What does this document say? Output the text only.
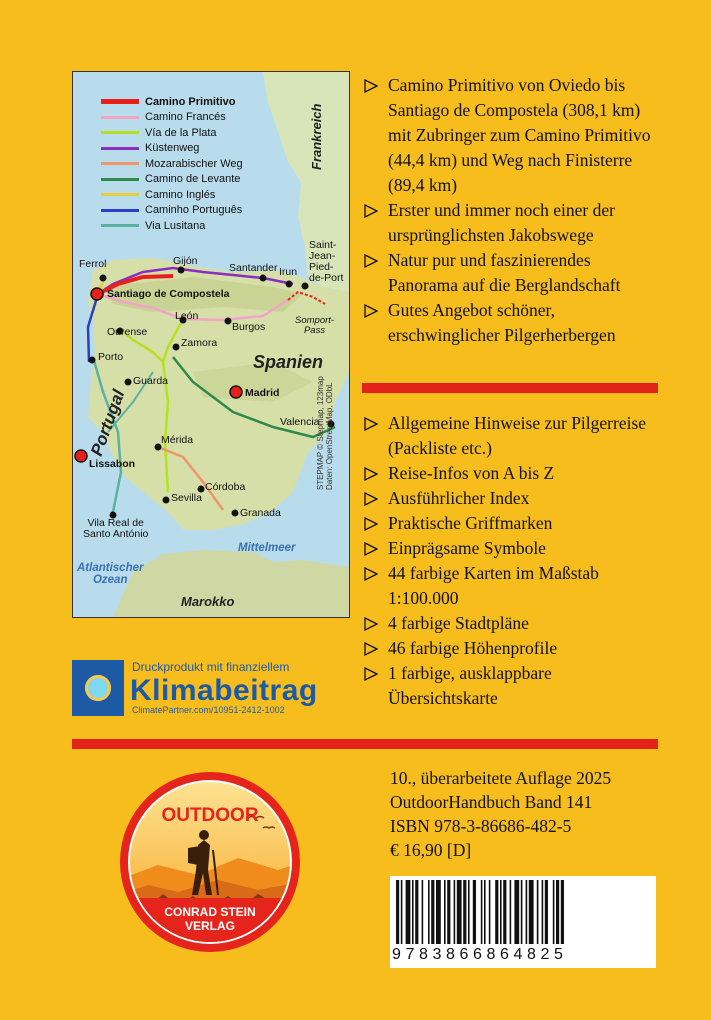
Camino Primitivo
Camino Francés
Vía de la Plata
Küstenweg
Mozarabischer Weg
Camino de Levante
Camino Inglés
Caminho Português
Via Lusitana
Ferrol	Gijón
Santander Irun
Saint-
Jean-
Pied-
de-Port
Santiago de Compostela
Ourense
León
Burgos
Somport-
Pass
Zamora
Porto
Guarda
Madrid
Valencia
Mérida
Lissabon
Córdoba
Sevilla
Granada
Vila Real de
Santo António
Frankreich
Spanien
Portugal
Marokko
Mittelmeer
Atlantischer
Ozean
STEPMAP © Stepmap, 123map Daten: OpenStreetMap, ODbL
Camino Primitivo von Oviedo bis Santiago de Compostela (308,1 km) mit Zubringer zum Camino Primitivo (44,4 km) und Weg nach Finisterre (89,4 km)
Erster und immer noch einer der ursprünglichsten Jakobswege
Natur pur und faszinierendes Panorama auf die Berglandschaft
Gutes Angebot schöner, erschwinglicher Pilgerherbergen
Allgemeine Hinweise zur Pilgerreise (Packliste etc.)
Reise-Infos von A bis Z
Ausführlicher Index
Praktische Griffmarken
Einprägsame Symbole
44 farbige Karten im Maßstab 1:100.000
4 farbige Stadtpläne
46 farbige Höhenprofile
1 farbige, ausklappbare Übersichtskarte
Druckprodukt mit finanziellem
Klimabeitrag
ClimatePartner.com/10951-2412-1002
OUTDOOR
CONRAD STEIN
VERLAG
10., überarbeitete Auflage 2025
OutdoorHandbuch Band 141
ISBN 978-3-86686-482-5
€ 16,90 [D]
9783866864825
